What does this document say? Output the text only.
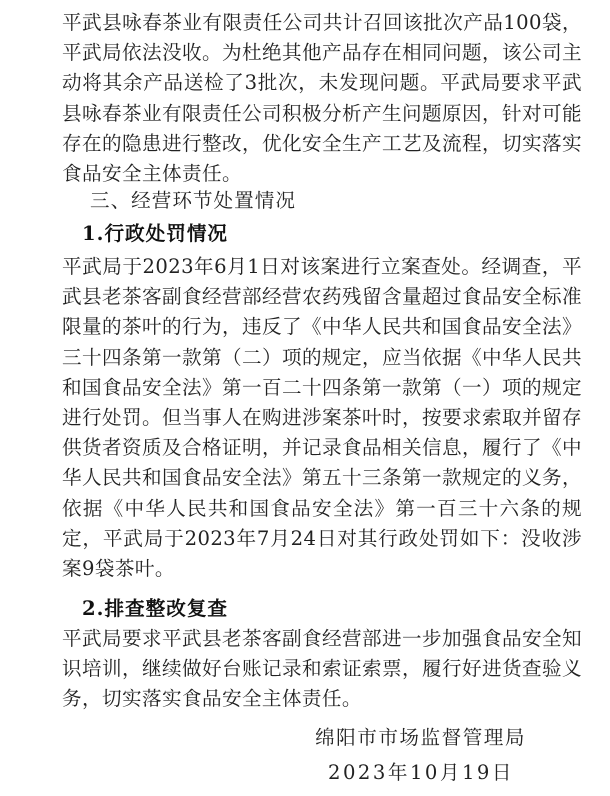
平武县咏春茶业有限责任公司共计召回该批次产品100袋，平武局依法没收。为杜绝其他产品存在相同问题，该公司主动将其余产品送检了3批次，未发现问题。平武局要求平武县咏春茶业有限责任公司积极分析产生问题原因，针对可能存在的隐患进行整改，优化安全生产工艺及流程，切实落实食品安全主体责任。

三、经营环节处置情况
1.行政处罚情况

平武局于2023年6月1日对该案进行立案查处。经调查，平武县老茶客副食经营部经营农药残留含量超过食品安全标准限量的茶叶的行为，违反了《中华人民共和国食品安全法》三十四条第一款第（二）项的规定，应当依据《中华人民共和国食品安全法》第一百二十四条第一款第（一）项的规定进行处罚。但当事人在购进涉案茶叶时，按要求索取并留存供货者资质及合格证明，并记录食品相关信息，履行了《中华人民共和国食品安全法》第五十三条第一款规定的义务，依据《中华人民共和国食品安全法》第一百三十六条的规定，平武局于2023年7月24日对其行政处罚如下：没收涉案9袋茶叶。

2.排查整改复查

平武局要求平武县老茶客副食经营部进一步加强食品安全知识培训，继续做好台账记录和索证索票，履行好进货查验义务，切实落实食品安全主体责任。

绵阳市市场监督管理局

2023年10月19日
